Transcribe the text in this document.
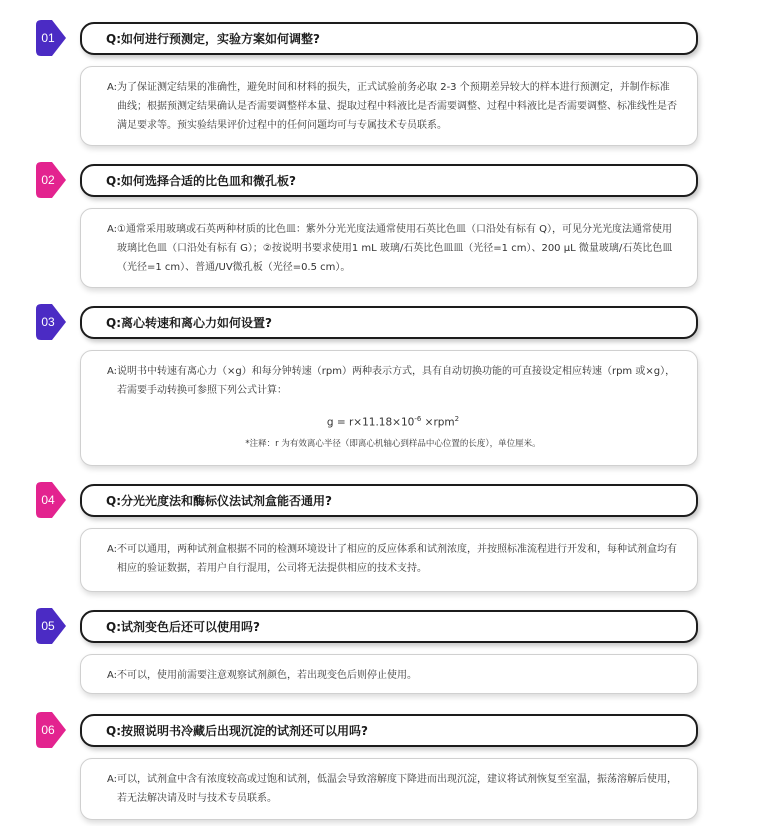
01	Q:如何进行预测定，实验方案如何调整?

A:为了保证测定结果的准确性，避免时间和材料的损失，正式试验前务必取 2-3 个预期差异较大的样本进行预测定，并制作标准曲线；根据预测定结果确认是否需要调整样本量、提取过程中料液比是否需要调整、过程中料液比是否需要调整、标准线性是否满足要求等。预实验结果评价过程中的任何问题均可与专属技术专员联系。

02	Q:如何选择合适的比色皿和微孔板?

A:①通常采用玻璃或石英两种材质的比色皿：紫外分光光度法通常使用石英比色皿（口沿处有标有 Q），可见分光光度法通常使用玻璃比色皿（口沿处有标有 G）；②按说明书要求使用1 mL 玻璃/石英比色皿皿（光径=1 cm）、200 μL 微量玻璃/石英比色皿（光径=1 cm）、普通/UV微孔板（光径=0.5 cm）。

03	Q:离心转速和离心力如何设置?

A:说明书中转速有离心力（×g）和每分钟转速（rpm）两种表示方式，具有自动切换功能的可直接设定相应转速（rpm 或×g），若需要手动转换可参照下列公式计算：

$g = r\times 11.18\times 10^{-6} \times rpm^2$
*注释：r 为有效离心半径（即离心机轴心到样品中心位置的长度），单位厘米。
04	Q:分光光度法和酶标仪法试剂盒能否通用?

A:不可以通用，两种试剂盒根据不同的检测环境设计了相应的反应体系和试剂浓度，并按照标准流程进行开发和，每种试剂盒均有相应的验证数据，若用户自行混用，公司将无法提供相应的技术支持。

05	Q:试剂变色后还可以使用吗?

A:不可以，使用前需要注意观察试剂颜色，若出现变色后则停止使用。

06	Q:按照说明书冷藏后出现沉淀的试剂还可以用吗?

A:可以，试剂盒中含有浓度较高或过饱和试剂，低温会导致溶解度下降进而出现沉淀，建议将试剂恢复至室温，振荡溶解后使用，若无法解决请及时与技术专员联系。
